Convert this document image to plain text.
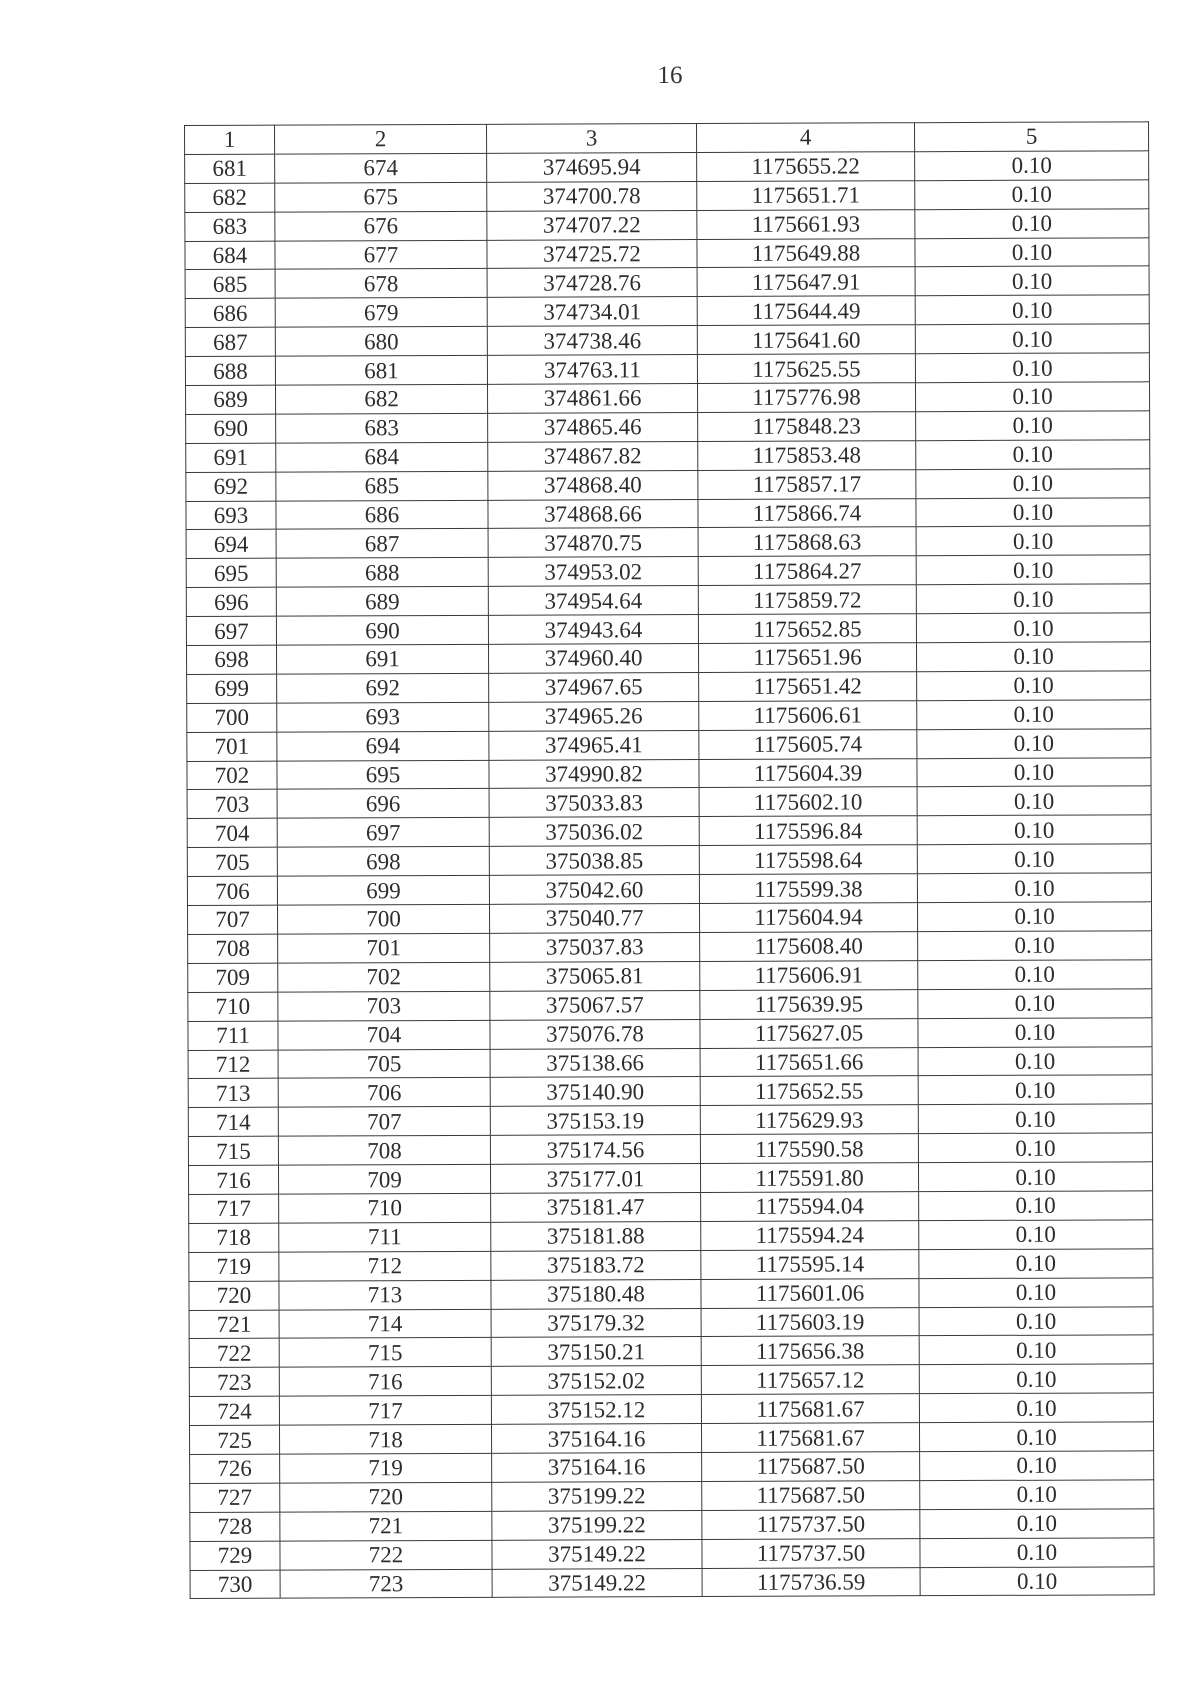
16
1	2	3	4	5
681	674	374695.94	1175655.22	0.10
682	675	374700.78	1175651.71	0.10
683	676	374707.22	1175661.93	0.10
684	677	374725.72	1175649.88	0.10
685	678	374728.76	1175647.91	0.10
686	679	374734.01	1175644.49	0.10
687	680	374738.46	1175641.60	0.10
688	681	374763.11	1175625.55	0.10
689	682	374861.66	1175776.98	0.10
690	683	374865.46	1175848.23	0.10
691	684	374867.82	1175853.48	0.10
692	685	374868.40	1175857.17	0.10
693	686	374868.66	1175866.74	0.10
694	687	374870.75	1175868.63	0.10
695	688	374953.02	1175864.27	0.10
696	689	374954.64	1175859.72	0.10
697	690	374943.64	1175652.85	0.10
698	691	374960.40	1175651.96	0.10
699	692	374967.65	1175651.42	0.10
700	693	374965.26	1175606.61	0.10
701	694	374965.41	1175605.74	0.10
702	695	374990.82	1175604.39	0.10
703	696	375033.83	1175602.10	0.10
704	697	375036.02	1175596.84	0.10
705	698	375038.85	1175598.64	0.10
706	699	375042.60	1175599.38	0.10
707	700	375040.77	1175604.94	0.10
708	701	375037.83	1175608.40	0.10
709	702	375065.81	1175606.91	0.10
710	703	375067.57	1175639.95	0.10
711	704	375076.78	1175627.05	0.10
712	705	375138.66	1175651.66	0.10
713	706	375140.90	1175652.55	0.10
714	707	375153.19	1175629.93	0.10
715	708	375174.56	1175590.58	0.10
716	709	375177.01	1175591.80	0.10
717	710	375181.47	1175594.04	0.10
718	711	375181.88	1175594.24	0.10
719	712	375183.72	1175595.14	0.10
720	713	375180.48	1175601.06	0.10
721	714	375179.32	1175603.19	0.10
722	715	375150.21	1175656.38	0.10
723	716	375152.02	1175657.12	0.10
724	717	375152.12	1175681.67	0.10
725	718	375164.16	1175681.67	0.10
726	719	375164.16	1175687.50	0.10
727	720	375199.22	1175687.50	0.10
728	721	375199.22	1175737.50	0.10
729	722	375149.22	1175737.50	0.10
730	723	375149.22	1175736.59	0.10
